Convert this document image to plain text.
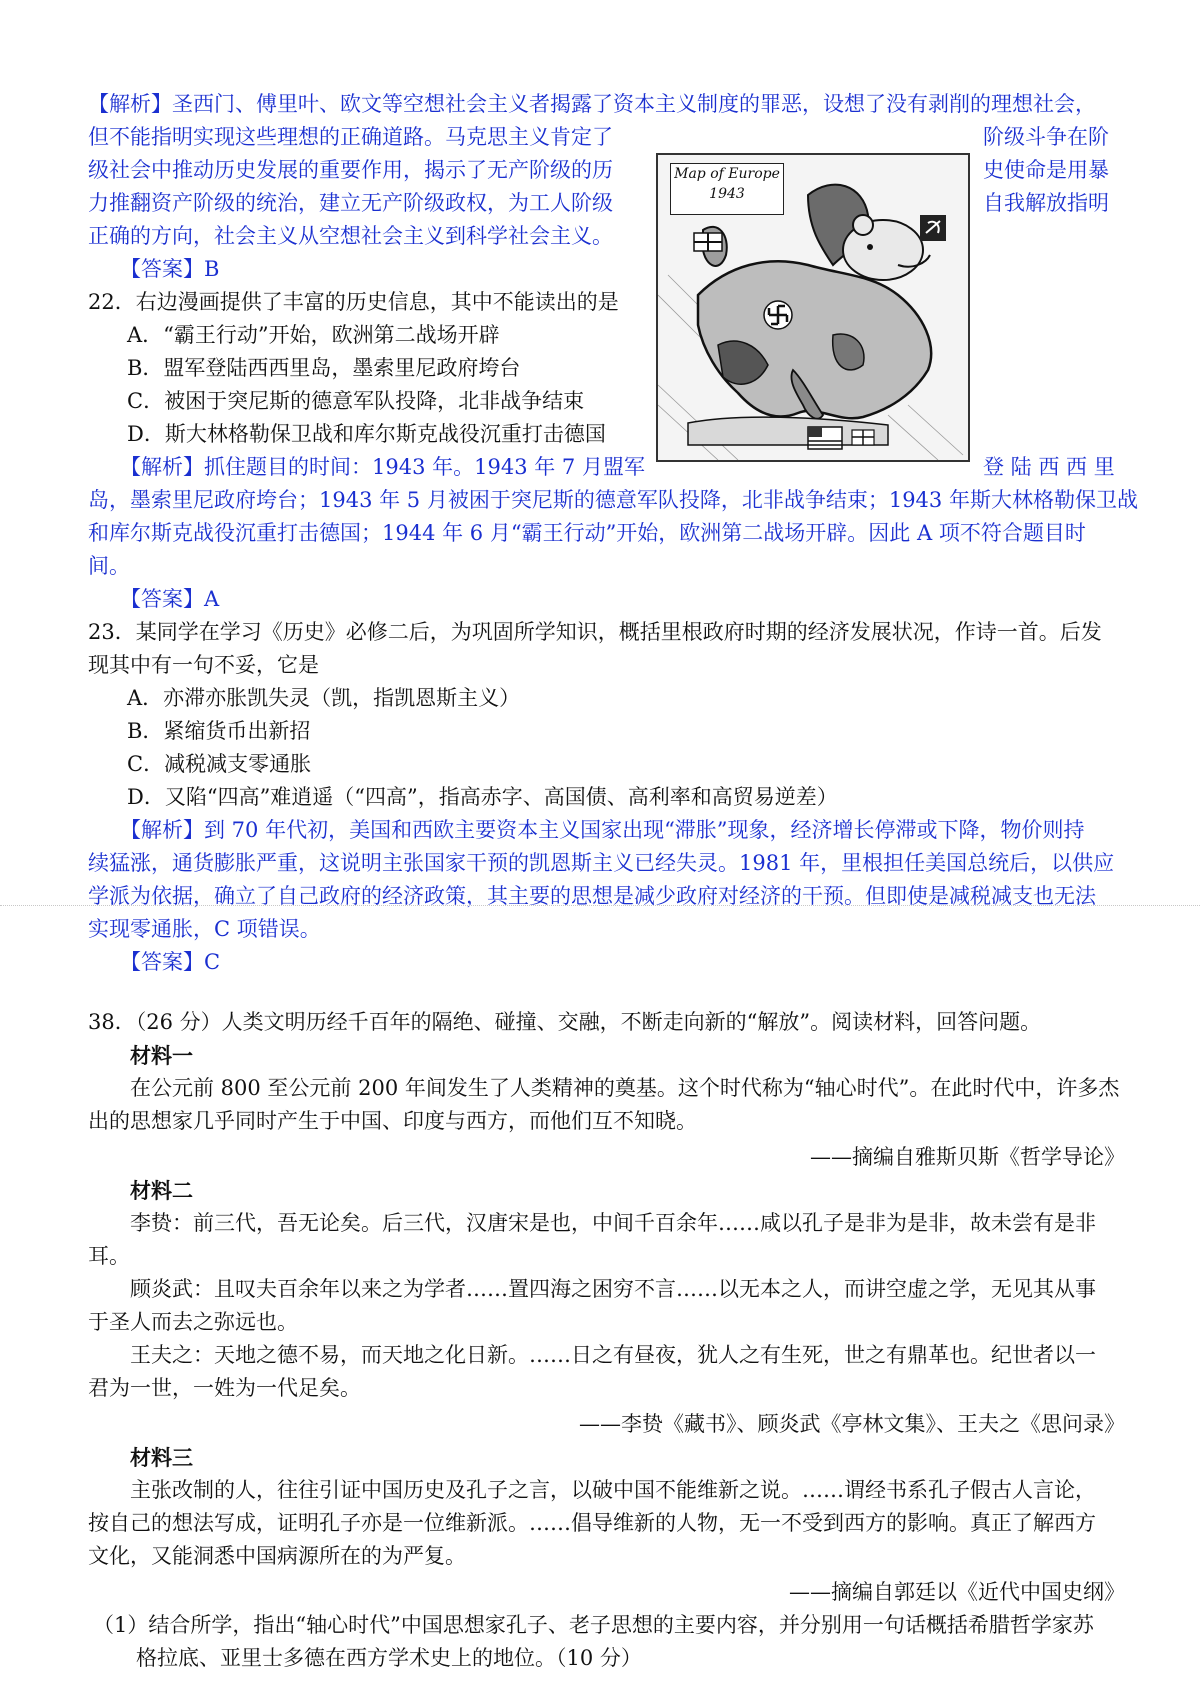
【解析】圣西门、傅里叶、欧文等空想社会主义者揭露了资本主义制度的罪恶，设想了没有剥削的理想社会，
但不能指明实现这些理想的正确道路。马克思主义肯定了
级社会中推动历史发展的重要作用，揭示了无产阶级的历
力推翻资产阶级的统治，建立无产阶级政权，为工人阶级
正确的方向，社会主义从空想社会主义到科学社会主义。
阶级斗争在阶
史使命是用暴
自我解放指明
【答案】B
22．右边漫画提供了丰富的历史信息，其中不能读出的是
A．“霸王行动”开始，欧洲第二战场开辟
B．盟军登陆西西里岛，墨索里尼政府垮台
C．被困于突尼斯的德意军队投降，北非战争结束
D．斯大林格勒保卫战和库尔斯克战役沉重打击德国
Map of Europe
1943
【解析】抓住题目的时间：1943 年。1943 年 7 月盟军	登 陆 西 西 里
岛，墨索里尼政府垮台；1943 年 5 月被困于突尼斯的德意军队投降，北非战争结束；1943 年斯大林格勒保卫战
和库尔斯克战役沉重打击德国；1944 年 6 月“霸王行动”开始，欧洲第二战场开辟。因此 A 项不符合题目时
间。
【答案】A
23．某同学在学习《历史》必修二后，为巩固所学知识，概括里根政府时期的经济发展状况，作诗一首。后发
现其中有一句不妥，它是
A．亦滞亦胀凯失灵（凯，指凯恩斯主义）
B．紧缩货币出新招
C．减税减支零通胀
D．又陷“四高”难逍遥（“四高”，指高赤字、高国债、高利率和高贸易逆差）
【解析】到 70 年代初，美国和西欧主要资本主义国家出现“滞胀”现象，经济增长停滞或下降，物价则持
续猛涨，通货膨胀严重，这说明主张国家干预的凯恩斯主义已经失灵。1981 年，里根担任美国总统后，以供应
学派为依据，确立了自己政府的经济政策，其主要的思想是减少政府对经济的干预。但即使是减税减支也无法
实现零通胀，C 项错误。
【答案】C
38．（26 分）人类文明历经千百年的隔绝、碰撞、交融，不断走向新的“解放”。阅读材料，回答问题。
材料一
在公元前 800 至公元前 200 年间发生了人类精神的奠基。这个时代称为“轴心时代”。在此时代中，许多杰
出的思想家几乎同时产生于中国、印度与西方，而他们互不知晓。
——摘编自雅斯贝斯《哲学导论》
材料二
李贽：前三代，吾无论矣。后三代，汉唐宋是也，中间千百余年……咸以孔子是非为是非，故未尝有是非
耳。
顾炎武：且叹夫百余年以来之为学者……置四海之困穷不言……以无本之人，而讲空虚之学，无见其从事
于圣人而去之弥远也。
王夫之：天地之德不易，而天地之化日新。……日之有昼夜，犹人之有生死，世之有鼎革也。纪世者以一
君为一世，一姓为一代足矣。
——李贽《藏书》、顾炎武《亭林文集》、王夫之《思问录》
材料三
主张改制的人，往往引证中国历史及孔子之言，以破中国不能维新之说。……谓经书系孔子假古人言论，
按自己的想法写成，证明孔子亦是一位维新派。……倡导维新的人物，无一不受到西方的影响。真正了解西方
文化，又能洞悉中国病源所在的为严复。
——摘编自郭廷以《近代中国史纲》
（1）结合所学，指出“轴心时代”中国思想家孔子、老子思想的主要内容，并分别用一句话概括希腊哲学家苏
格拉底、亚里士多德在西方学术史上的地位。（10 分）
